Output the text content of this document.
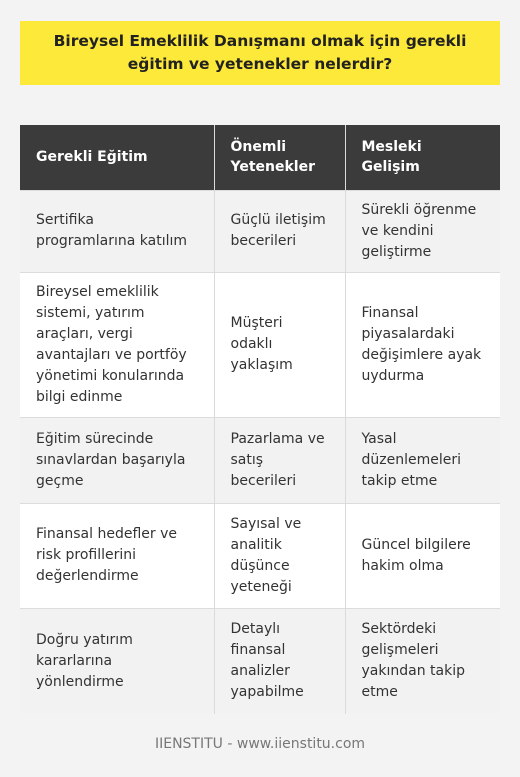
Bireysel Emeklilik Danışmanı olmak için gerekli eğitim ve yetenekler nelerdir?
Gerekli Eğitim	Önemli Yetenekler	Mesleki Gelişim
Sertifika programlarına katılım	Güçlü iletişim becerileri	Sürekli öğrenme ve kendini geliştirme
Bireysel emeklilik sistemi, yatırım araçları, vergi avantajları ve portföy yönetimi konularında bilgi edinme	Müşteri odaklı yaklaşım	Finansal piyasalardaki değişimlere ayak uydurma
Eğitim sürecinde sınavlardan başarıyla geçme	Pazarlama ve satış becerileri	Yasal düzenlemeleri takip etme
Finansal hedefler ve risk profillerini değerlendirme	Sayısal ve analitik düşünce yeteneği	Güncel bilgilere hakim olma
Doğru yatırım kararlarına yönlendirme	Detaylı finansal analizler yapabilme	Sektördeki gelişmeleri yakından takip etme
IIENSTITU - www.iienstitu.com
